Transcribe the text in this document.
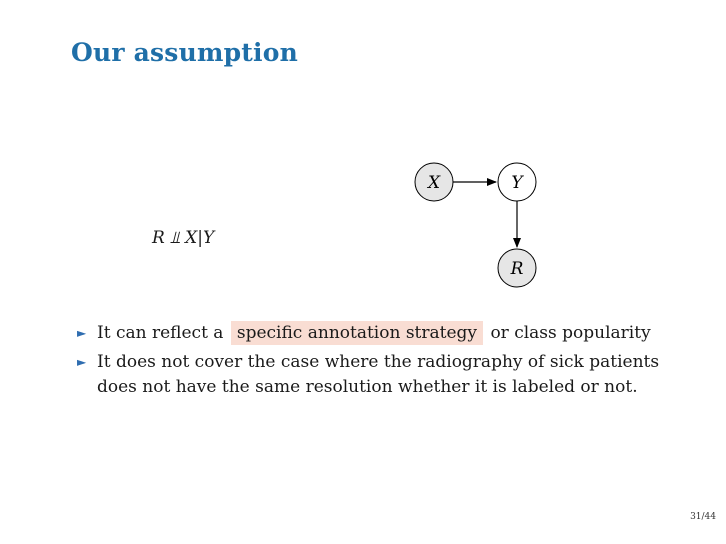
Our assumption
X	Y
R
R ⫫ X|Y
► It can reflect a specific annotation strategy or class popularity
► It does not cover the case where the radiography of sick patients
does not have the same resolution whether it is labeled or not.
31/44
